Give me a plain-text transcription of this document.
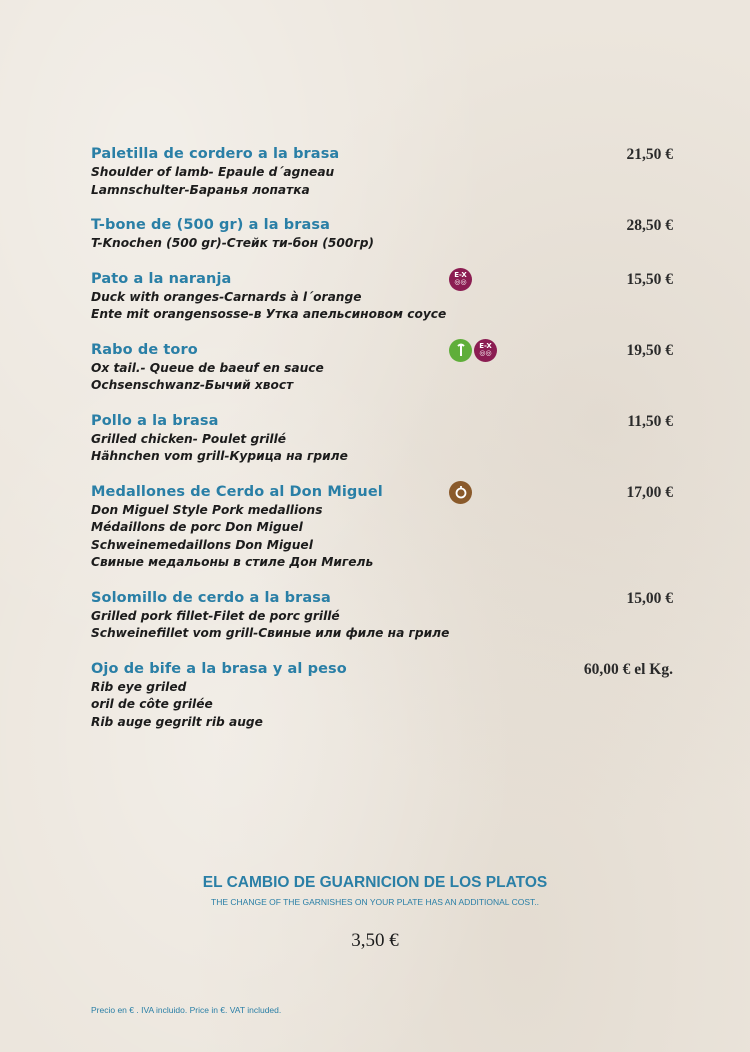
Paletilla de cordero a la brasa
Shoulder of lamb- Epaule d´agneau
Lamnschulter-Баранья лопатка
21,50 €
T-bone de (500 gr) a la brasa
T-Knochen (500 gr)-Стейк ти-бон (500гр)
28,50 €
Pato a la naranja
Duck with oranges-Carnards à l´orange
Ente mit orangensosse-в Утка апельсиновом соусе
E-X
◎◎	15,50 €
Rabo de toro
Ox tail.- Queue de baeuf en sauce
Ochsenschwanz-Бычий хвост
E-X
◎◎	19,50 €
Pollo a la brasa
Grilled chicken- Poulet grillé
Hähnchen vom grill-Курица на гриле
11,50 €
Medallones de Cerdo al Don Miguel
Don Miguel Style Pork medallions
Médaillons de porc Don Miguel
Schweinemedaillons Don Miguel
Свиные медальоны в стиле Дон Мигель
17,00 €
Solomillo de cerdo a la brasa
Grilled pork fillet-Filet de porc grillé
Schweinefillet vom grill-Свиные или филе на гриле
15,00 €
Ojo de bife a la brasa y al peso
Rib eye griled
oril de côte grilée
Rib auge gegrilt rib auge
60,00 € el Kg.
EL CAMBIO DE GUARNICION DE LOS PLATOS
THE CHANGE OF THE GARNISHES ON YOUR PLATE HAS AN ADDITIONAL COST..
3,50 €
Precio en € . IVA incluido. Price in €. VAT included.
